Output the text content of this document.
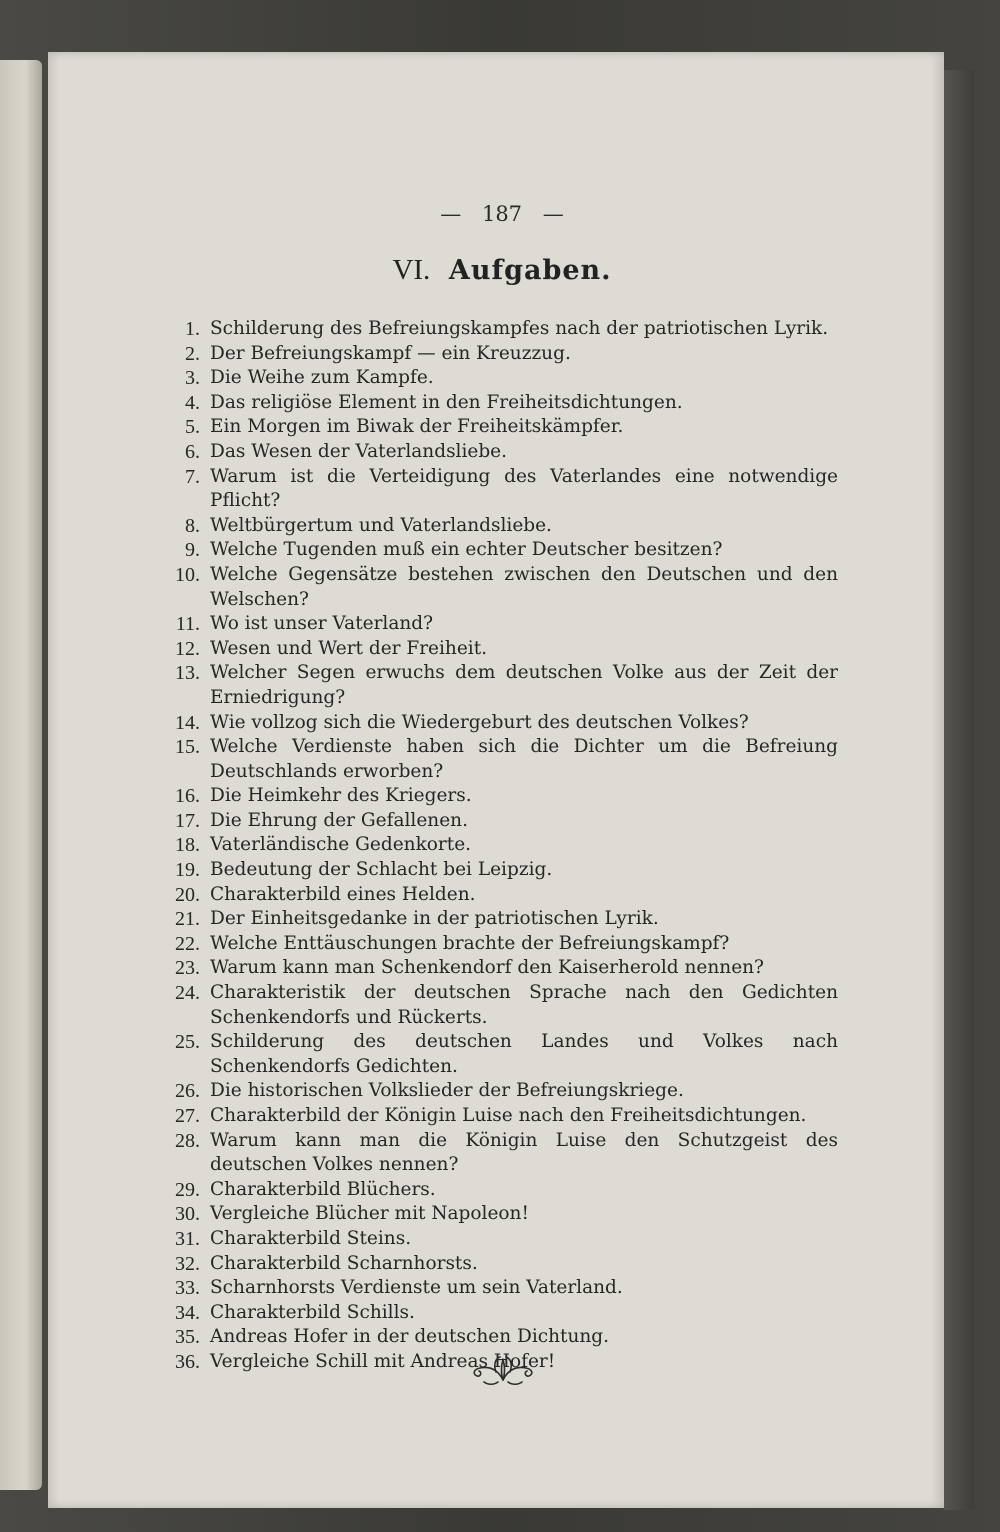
— 187 —
VI. Aufgaben.
1. Schilderung des Befreiungskampfes nach der patriotischen Lyrik.
2. Der Befreiungskampf — ein Kreuzzug.
3. Die Weihe zum Kampfe.
4. Das religiöse Element in den Freiheitsdichtungen.
5. Ein Morgen im Biwak der Freiheitskämpfer.
6. Das Wesen der Vaterlandsliebe.
7. Warum ist die Verteidigung des Vaterlandes eine notwendige Pflicht?
8. Weltbürgertum und Vaterlandsliebe.
9. Welche Tugenden muß ein echter Deutscher besitzen?
10. Welche Gegensätze bestehen zwischen den Deutschen und den Welschen?
11. Wo ist unser Vaterland?
12. Wesen und Wert der Freiheit.
13. Welcher Segen erwuchs dem deutschen Volke aus der Zeit der Erniedrigung?
14. Wie vollzog sich die Wiedergeburt des deutschen Volkes?
15. Welche Verdienste haben sich die Dichter um die Befreiung Deutschlands erworben?
16. Die Heimkehr des Kriegers.
17. Die Ehrung der Gefallenen.
18. Vaterländische Gedenkorte.
19. Bedeutung der Schlacht bei Leipzig.
20. Charakterbild eines Helden.
21. Der Einheitsgedanke in der patriotischen Lyrik.
22. Welche Enttäuschungen brachte der Befreiungskampf?
23. Warum kann man Schenkendorf den Kaiserherold nennen?
24. Charakteristik der deutschen Sprache nach den Gedichten Schenkendorfs und Rückerts.
25. Schilderung des deutschen Landes und Volkes nach Schenkendorfs Gedichten.
26. Die historischen Volkslieder der Befreiungskriege.
27. Charakterbild der Königin Luise nach den Freiheitsdichtungen.
28. Warum kann man die Königin Luise den Schutzgeist des deutschen Volkes nennen?
29. Charakterbild Blüchers.
30. Vergleiche Blücher mit Napoleon!
31. Charakterbild Steins.
32. Charakterbild Scharnhorsts.
33. Scharnhorsts Verdienste um sein Vaterland.
34. Charakterbild Schills.
35. Andreas Hofer in der deutschen Dichtung.
36. Vergleiche Schill mit Andreas Hofer!
